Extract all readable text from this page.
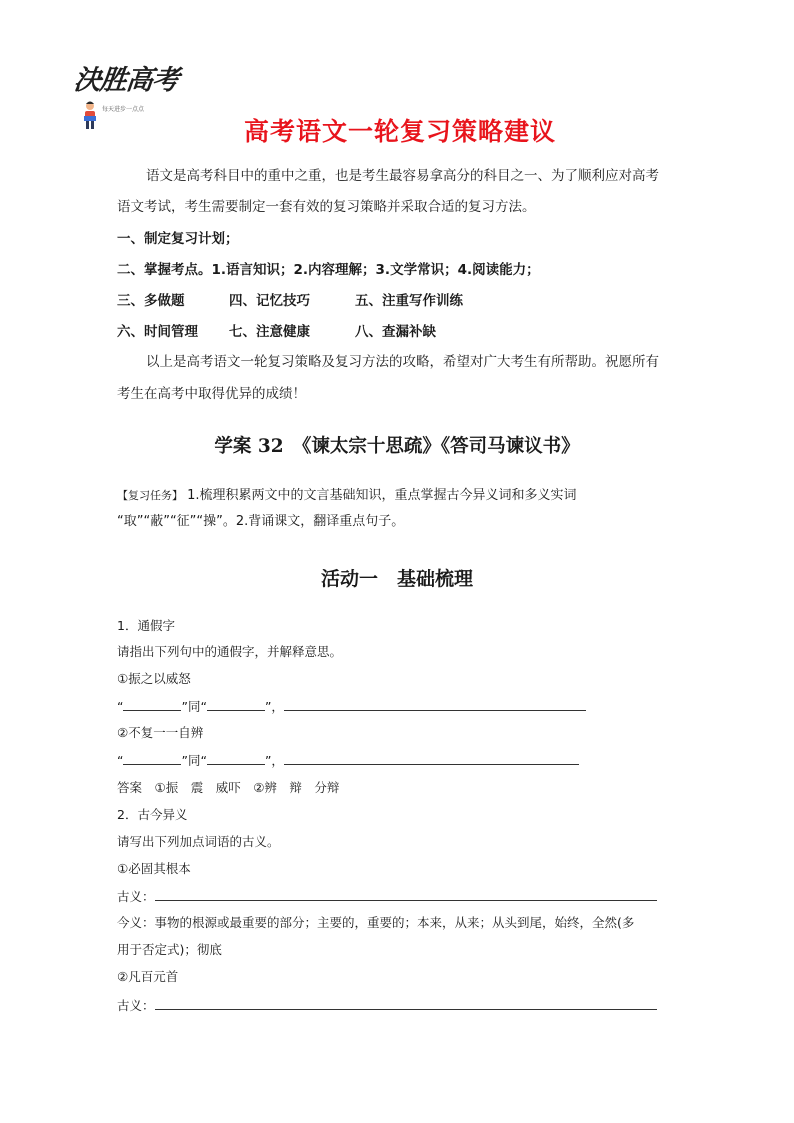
決胜高考
每天进步一点点
高考语文一轮复习策略建议

语文是高考科目中的重中之重，也是考生最容易拿高分的科目之一、为了顺利应对高考

语文考试，考生需要制定一套有效的复习策略并采取合适的复习方法。

一、制定复习计划；

二、掌握考点。1.语言知识；2.内容理解；3.文学常识；4.阅读能力；

三、多做题	四、记忆技巧	五、注重写作训练

六、时间管理 七、注意健康	八、查漏补缺

以上是高考语文一轮复习策略及复习方法的攻略，希望对广大考生有所帮助。祝愿所有

考生在高考中取得优异的成绩！

学案 32　《谏太宗十思疏》《答司马谏议书》

【复习任务】 1.梳理积累两文中的文言基础知识，重点掌握古今异义词和多义实词

“取”“蔽”“征”“操”。2.背诵课文，翻译重点句子。

活动一　基础梳理

1．通假字

请指出下列句中的通假字，并解释意思。

①振之以威怒

“	”同“	”，

②不复一一自辨

“	”同“	”，

答案　①振　震　威吓　②辨　辩　分辩

2．古今异义

请写出下列加点词语的古义。

①必固其根本

古义：

今义：事物的根源或最重要的部分；主要的，重要的；本来，从来；从头到尾，始终，全然(多

用于否定式)；彻底

②凡百元首

古义：
